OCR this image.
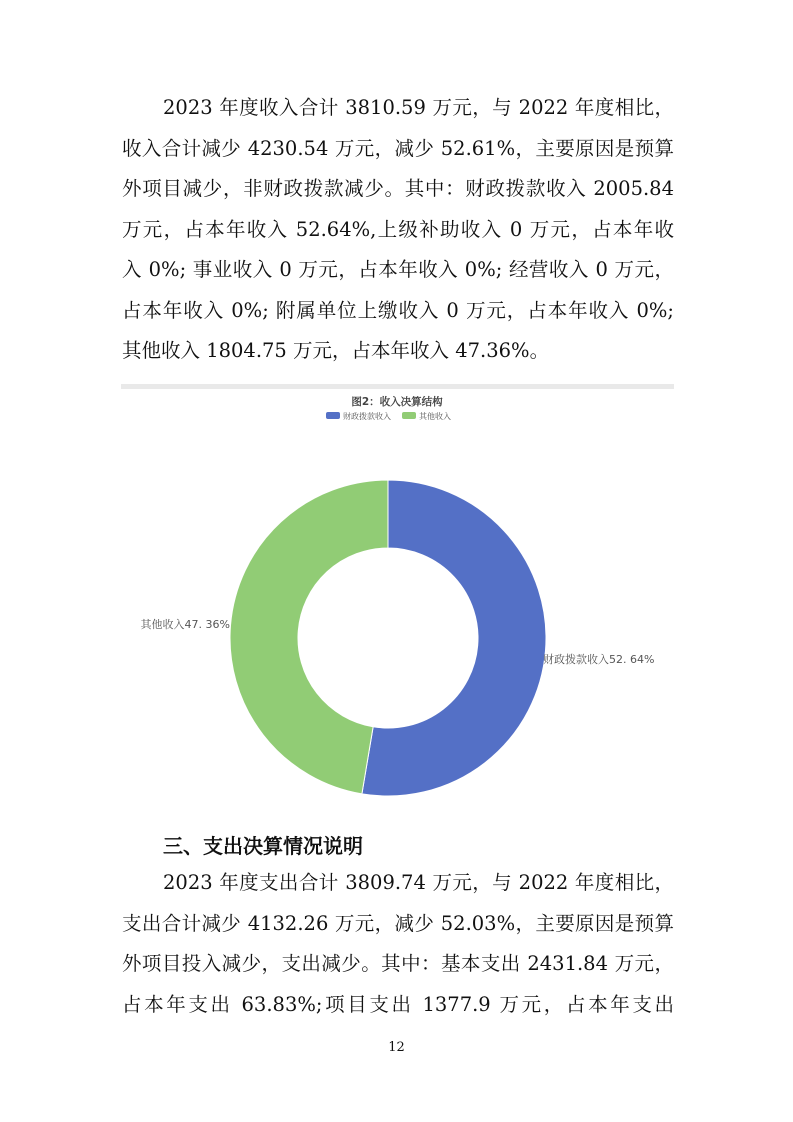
2023 年度收入合计 3810.59 万元，与 2022 年度相比，
收入合计减少 4230.54 万元，减少 52.61%，主要原因是预算
外项目减少，非财政拨款减少。其中：财政拨款收入 2005.84
万元，占本年收入 52.64%,上级补助收入 0 万元，占本年收
入 0%; 事业收入 0 万元，占本年收入 0%; 经营收入 0 万元，
占本年收入 0%; 附属单位上缴收入 0 万元，占本年收入 0%;
其他收入 1804.75 万元，占本年收入 47.36%。
图2：收入决算结构
财政拨款收入	其他收入
财政拨款收入52. 64%
其他收入47. 36%
三、支出决算情况说明
2023 年度支出合计 3809.74 万元，与 2022 年度相比，
支出合计减少 4132.26 万元，减少 52.03%，主要原因是预算
外项目投入减少，支出减少。其中：基本支出 2431.84 万元，
占本年支出 63.83%;项目支出 1377.9 万元，占本年支出
12
